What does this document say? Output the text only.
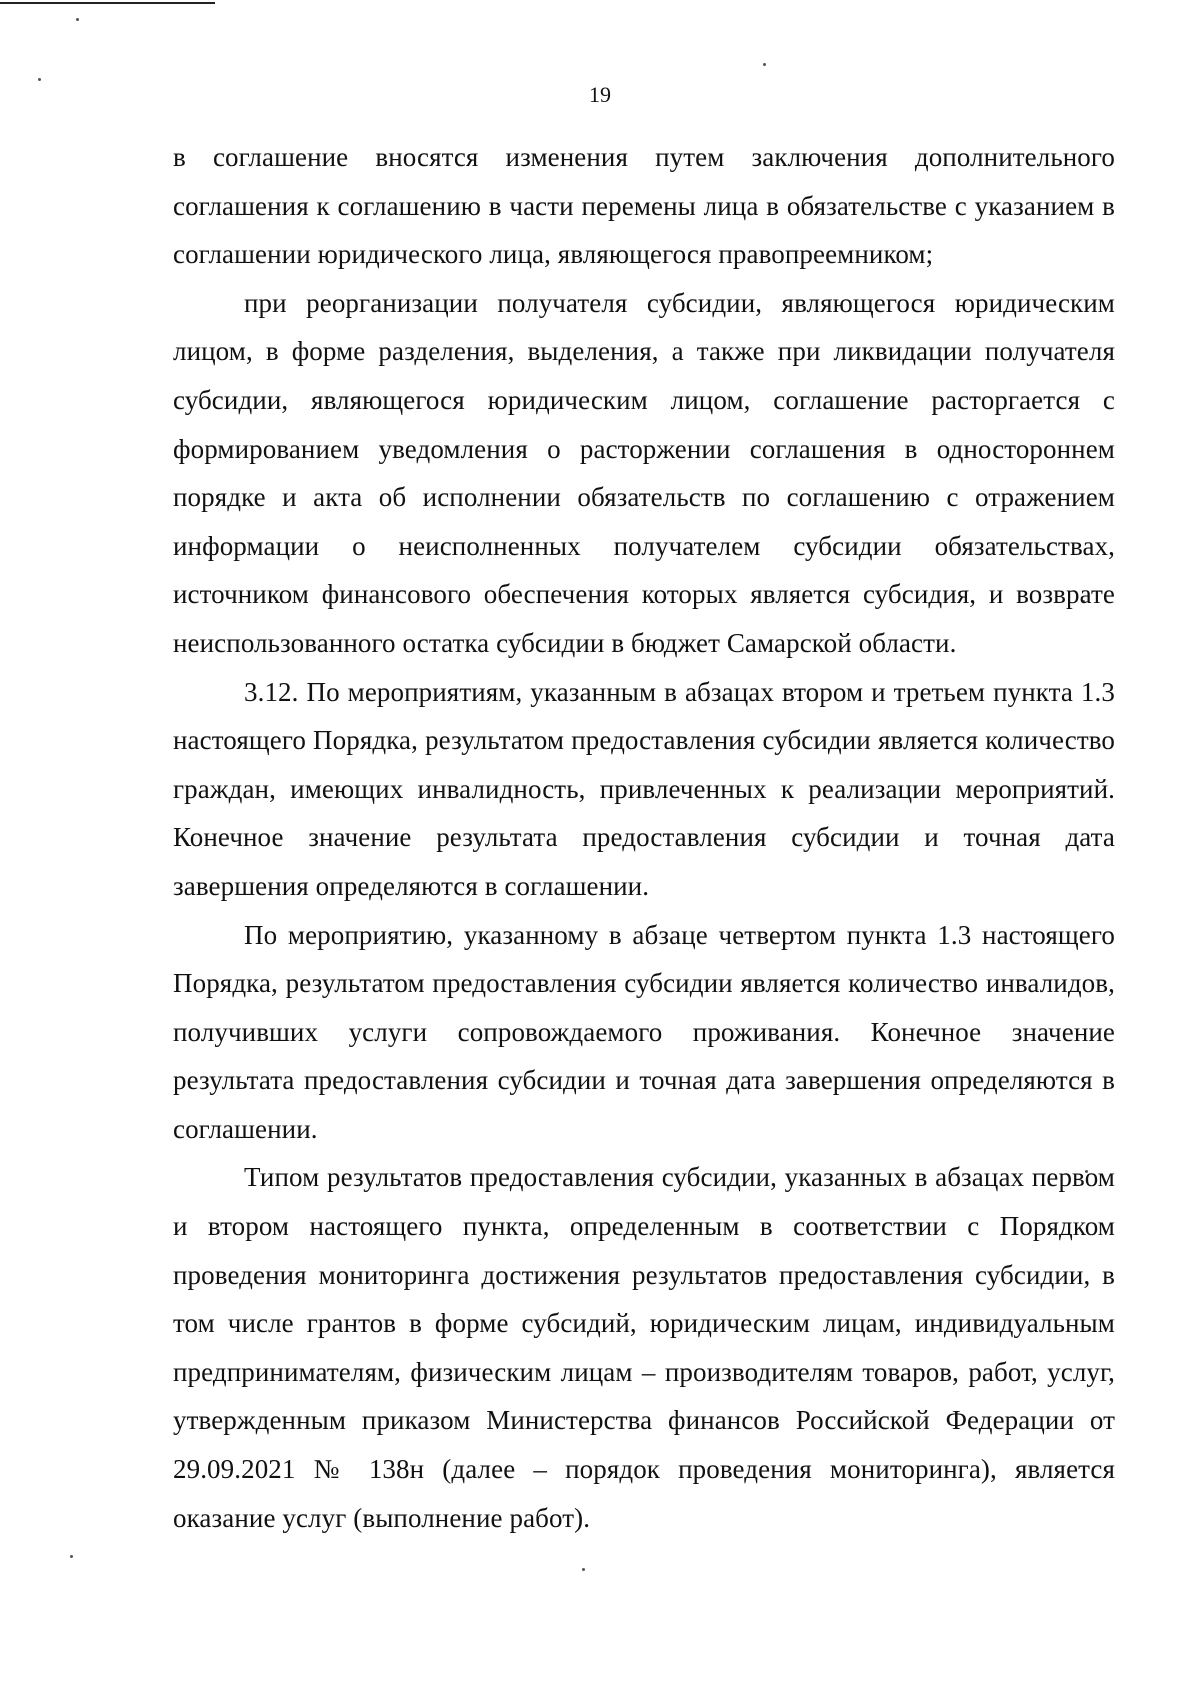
19

в соглашение вносятся изменения путем заключения дополнительного соглашения к соглашению в части перемены лица в обязательстве с указанием в соглашении юридического лица, являющегося правопреемником;

при реорганизации получателя субсидии, являющегося юридическим лицом, в форме разделения, выделения, а также при ликвидации получателя субсидии, являющегося юридическим лицом, соглашение расторгается с формированием уведомления о расторжении соглашения в одностороннем порядке и акта об исполнении обязательств по соглашению с отражением информации о неисполненных получателем субсидии обязательствах, источником финансового обеспечения которых является субсидия, и возврате неиспользованного остатка субсидии в бюджет Самарской области.

3.12. По мероприятиям, указанным в абзацах втором и третьем пункта 1.3 настоящего Порядка, результатом предоставления субсидии является количество граждан, имеющих инвалидность, привлеченных к реализации мероприятий. Конечное значение результата предоставления субсидии и точная дата завершения определяются в соглашении.

По мероприятию, указанному в абзаце четвертом пункта 1.3 настоящего Порядка, результатом предоставления субсидии является количество инвалидов, получивших услуги сопровождаемого проживания. Конечное значение результата предоставления субсидии и точная дата завершения определяются в соглашении.

Типом результатов предоставления субсидии, указанных в абзацах первом и втором настоящего пункта, определенным в соответствии с Порядком проведения мониторинга достижения результатов предоставления субсидии, в том числе грантов в форме субсидий, юридическим лицам, индивидуальным предпринимателям, физическим лицам – производителям товаров, работ, услуг, утвержденным приказом Министерства финансов Российской Федерации от 29.09.2021 № 138н (далее – порядок проведения мониторинга), является оказание услуг (выполнение работ).
